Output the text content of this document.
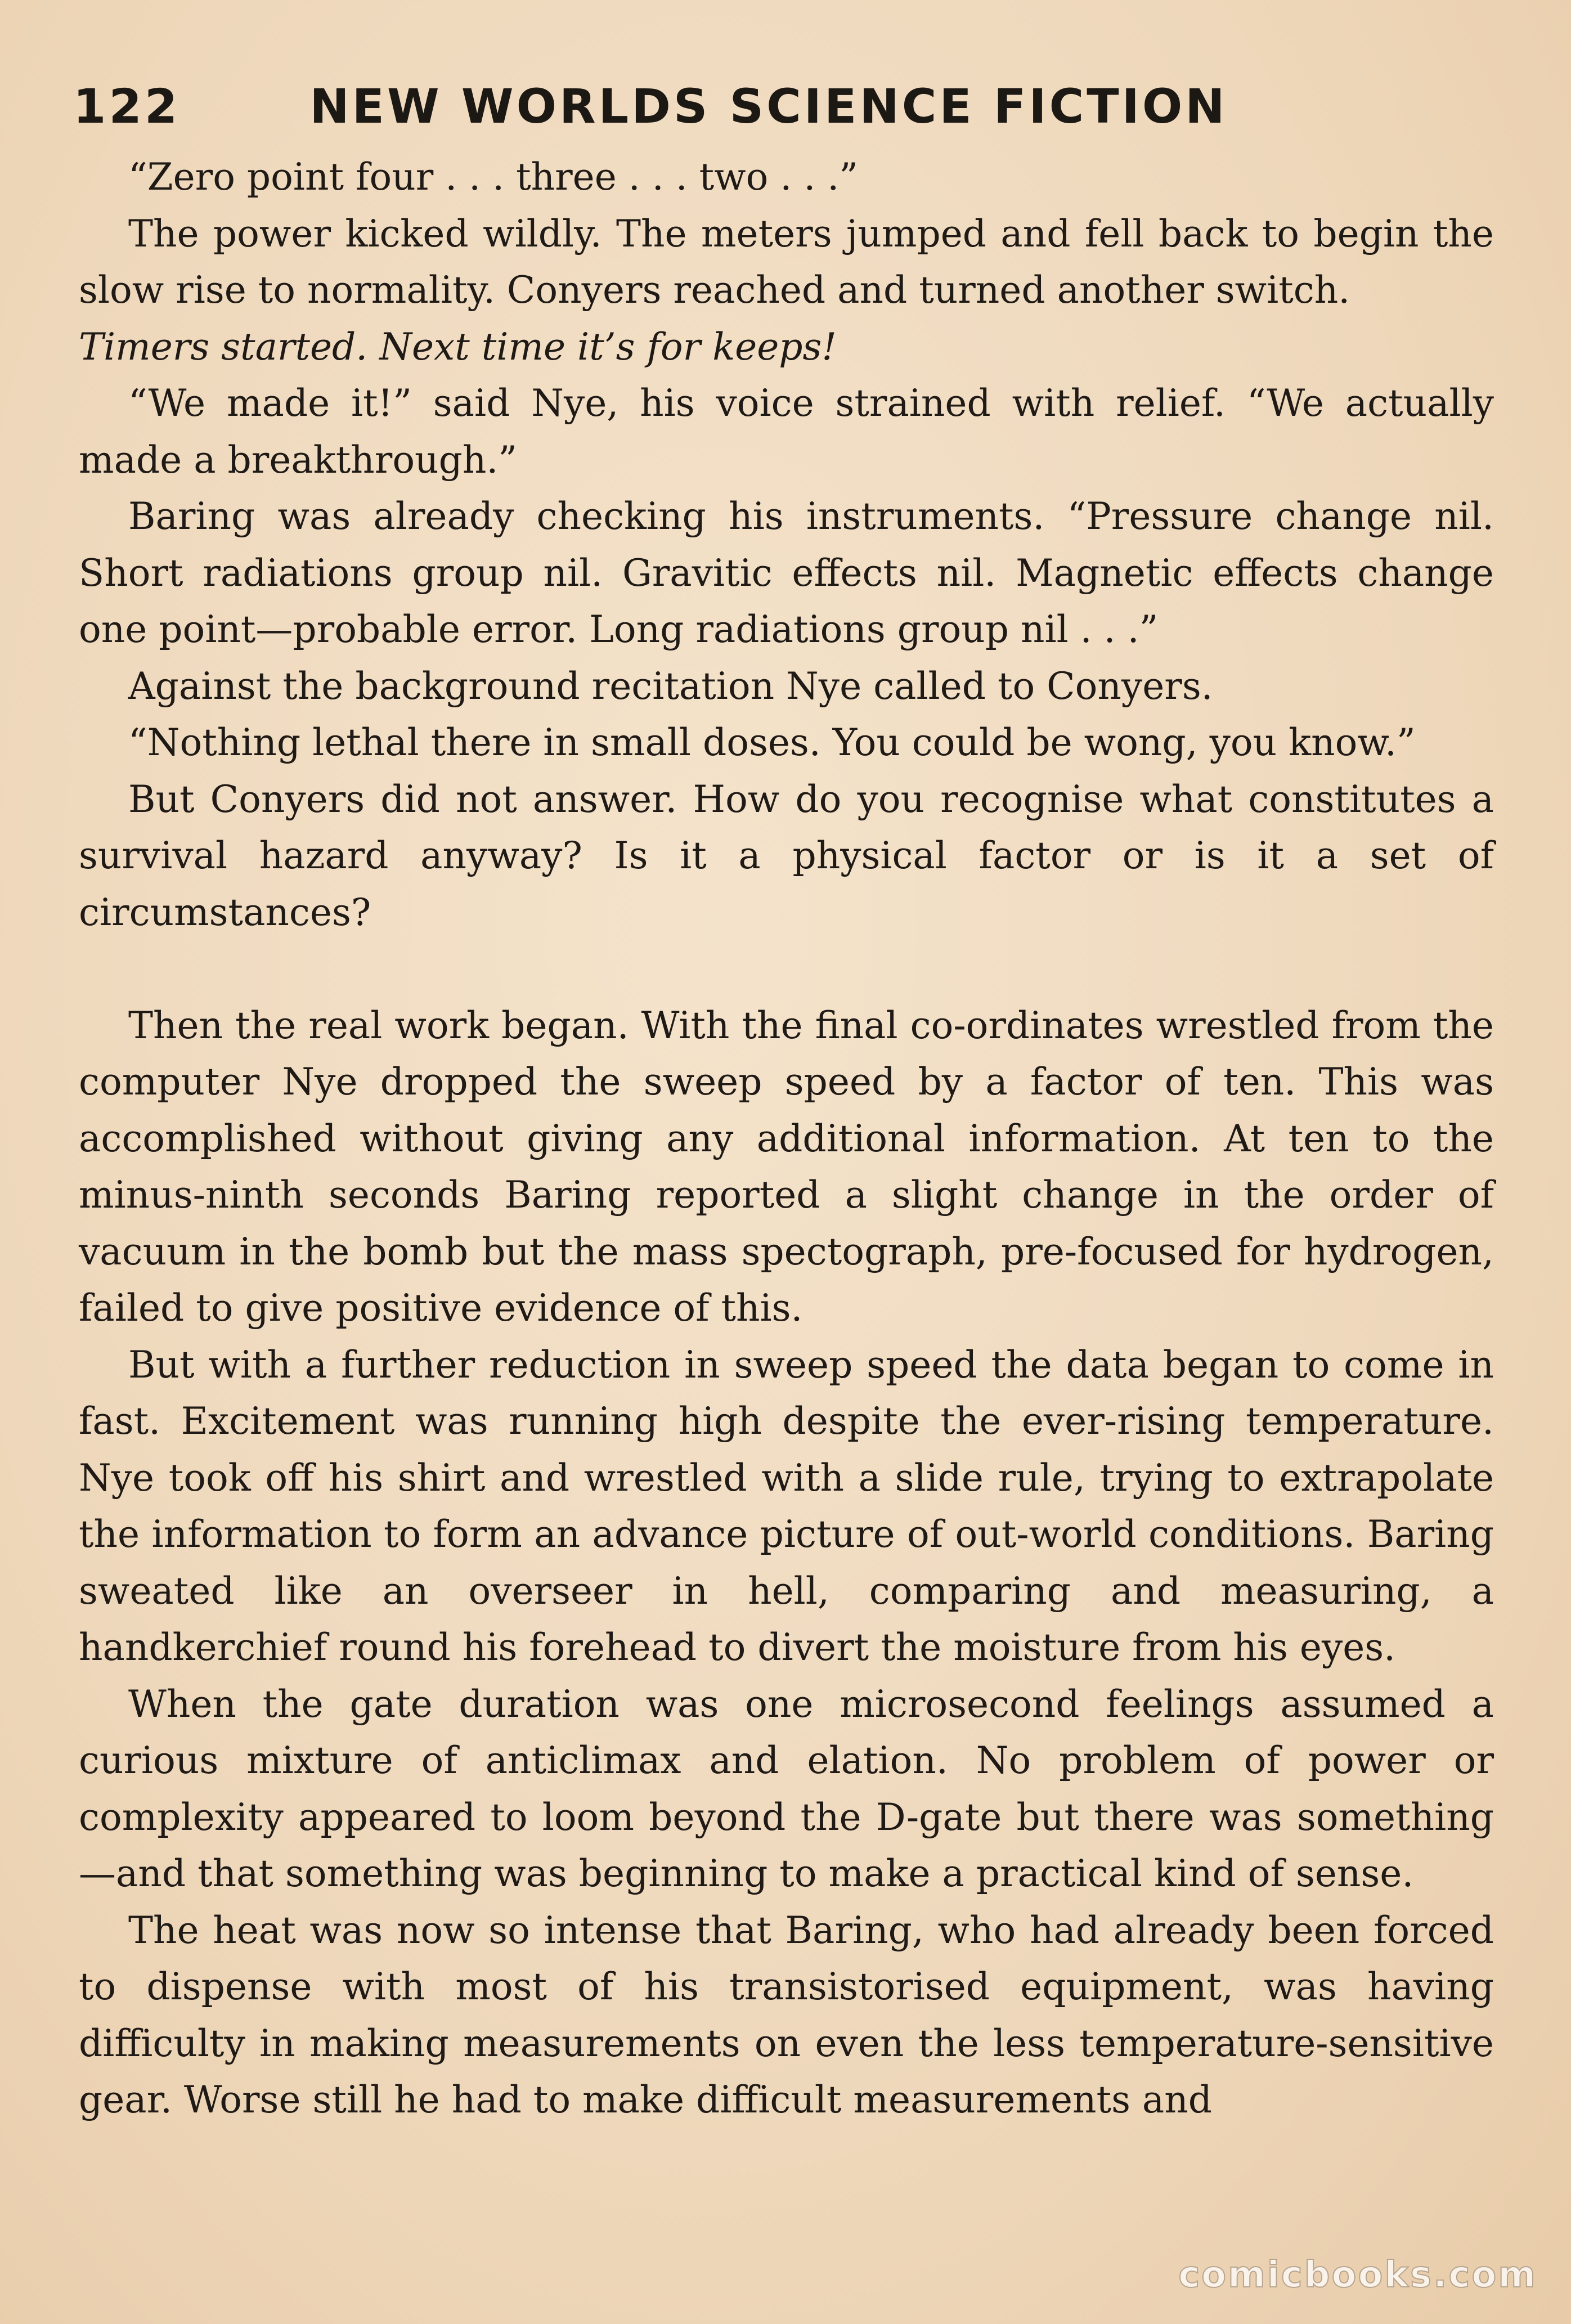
122	NEW WORLDS SCIENCE FICTION

“Zero point four . . . three . . . two . . .”

The power kicked wildly. The meters jumped and fell back to begin the slow rise to normality. Conyers reached and turned another switch.

Timers started. Next time it’s for keeps!

“We made it!” said Nye, his voice strained with relief. “We actually made a breakthrough.”

Baring was already checking his instruments. “Pressure change nil. Short radiations group nil. Gravitic effects nil. Magnetic effects change one point—probable error. Long radiations group nil . . .”

Against the background recitation Nye called to Conyers.

“Nothing lethal there in small doses. You could be wong, you know.”

But Conyers did not answer. How do you recognise what constitutes a survival hazard anyway? Is it a physical factor or is it a set of circumstances?

Then the real work began. With the final co-ordinates wrestled from the computer Nye dropped the sweep speed by a factor of ten. This was accomplished without giving any additional information. At ten to the minus-ninth seconds Baring reported a slight change in the order of vacuum in the bomb but the mass spectograph, pre-focused for hydrogen, failed to give positive evidence of this.

But with a further reduction in sweep speed the data began to come in fast. Excitement was running high despite the ever-rising temperature. Nye took off his shirt and wrestled with a slide rule, trying to extrapolate the information to form an advance picture of out-world conditions. Baring sweated like an overseer in hell, comparing and measuring, a handkerchief round his forehead to divert the moisture from his eyes.

When the gate duration was one microsecond feelings assumed a curious mixture of anticlimax and elation. No problem of power or complexity appeared to loom beyond the D-gate but there was something—and that something was beginning to make a practical kind of sense.

The heat was now so intense that Baring, who had already been forced to dispense with most of his transistorised equipment, was having difficulty in making measurements on even the less temperature-sensitive gear. Worse still he had to make difficult measurements and

comicbooks.com
